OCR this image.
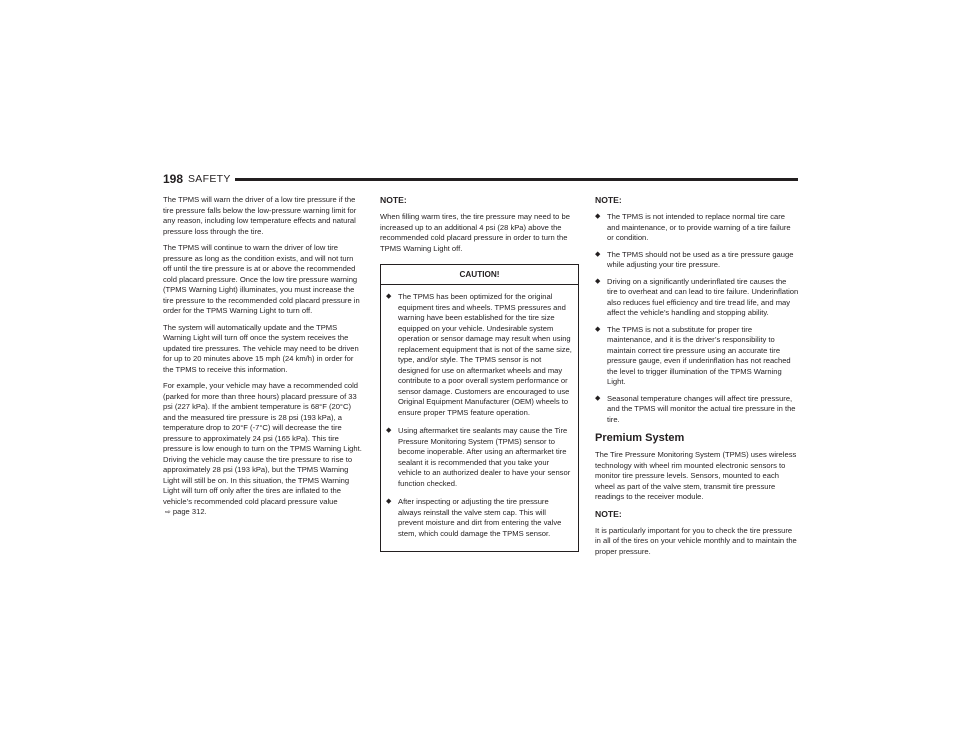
198 SAFETY

The TPMS will warn the driver of a low tire pressure if the tire pressure falls below the low-pressure warning limit for any reason, including low temperature effects and natural pressure loss through the tire.

The TPMS will continue to warn the driver of low tire pressure as long as the condition exists, and will not turn off until the tire pressure is at or above the recommended cold placard pressure. Once the low tire pressure warning (TPMS Warning Light) illuminates, you must increase the tire pressure to the recommended cold placard pressure in order for the TPMS Warning Light to turn off.

The system will automatically update and the TPMS Warning Light will turn off once the system receives the updated tire pressures. The vehicle may need to be driven for up to 20 minutes above 15 mph (24 km/h) in order for the TPMS to receive this information.

For example, your vehicle may have a recommended cold (parked for more than three hours) placard pressure of 33 psi (227 kPa). If the ambient temperature is 68°F (20°C) and the measured tire pressure is 28 psi (193 kPa), a temperature drop to 20°F (-7°C) will decrease the tire pressure to approximately 24 psi (165 kPa). This tire pressure is low enough to turn on the TPMS Warning Light. Driving the vehicle may cause the tire pressure to rise to approximately 28 psi (193 kPa), but the TPMS Warning Light will still be on. In this situation, the TPMS Warning Light will turn off only after the tires are inflated to the vehicle’s recommended cold placard pressure value ⇨ page 312.

NOTE:

When filling warm tires, the tire pressure may need to be increased up to an additional 4 psi (28 kPa) above the recommended cold placard pressure in order to turn the TPMS Warning Light off.

CAUTION!
◆ The TPMS has been optimized for the original equipment tires and wheels. TPMS pressures and warning have been established for the tire size equipped on your vehicle. Undesirable system operation or sensor damage may result when using replacement equipment that is not of the same size, type, and/or style. The TPMS sensor is not designed for use on aftermarket wheels and may contribute to a poor overall system performance or sensor damage. Customers are encouraged to use Original Equipment Manufacturer (OEM) wheels to ensure proper TPMS feature operation.
◆ Using aftermarket tire sealants may cause the Tire Pressure Monitoring System (TPMS) sensor to become inoperable. After using an aftermarket tire sealant it is recommended that you take your vehicle to an authorized dealer to have your sensor function checked.
◆ After inspecting or adjusting the tire pressure always reinstall the valve stem cap. This will prevent moisture and dirt from entering the valve stem, which could damage the TPMS sensor.

NOTE:

◆ The TPMS is not intended to replace normal tire care and maintenance, or to provide warning of a tire failure or condition.
◆ The TPMS should not be used as a tire pressure gauge while adjusting your tire pressure.
◆ Driving on a significantly underinflated tire causes the tire to overheat and can lead to tire failure. Underinflation also reduces fuel efficiency and tire tread life, and may affect the vehicle’s handling and stopping ability.
◆ The TPMS is not a substitute for proper tire maintenance, and it is the driver’s responsibility to maintain correct tire pressure using an accurate tire pressure gauge, even if underinflation has not reached the level to trigger illumination of the TPMS Warning Light.
◆ Seasonal temperature changes will affect tire pressure, and the TPMS will monitor the actual tire pressure in the tire.
Premium System

The Tire Pressure Monitoring System (TPMS) uses wireless technology with wheel rim mounted electronic sensors to monitor tire pressure levels. Sensors, mounted to each wheel as part of the valve stem, transmit tire pressure readings to the receiver module.

NOTE:

It is particularly important for you to check the tire pressure in all of the tires on your vehicle monthly and to maintain the proper pressure.
